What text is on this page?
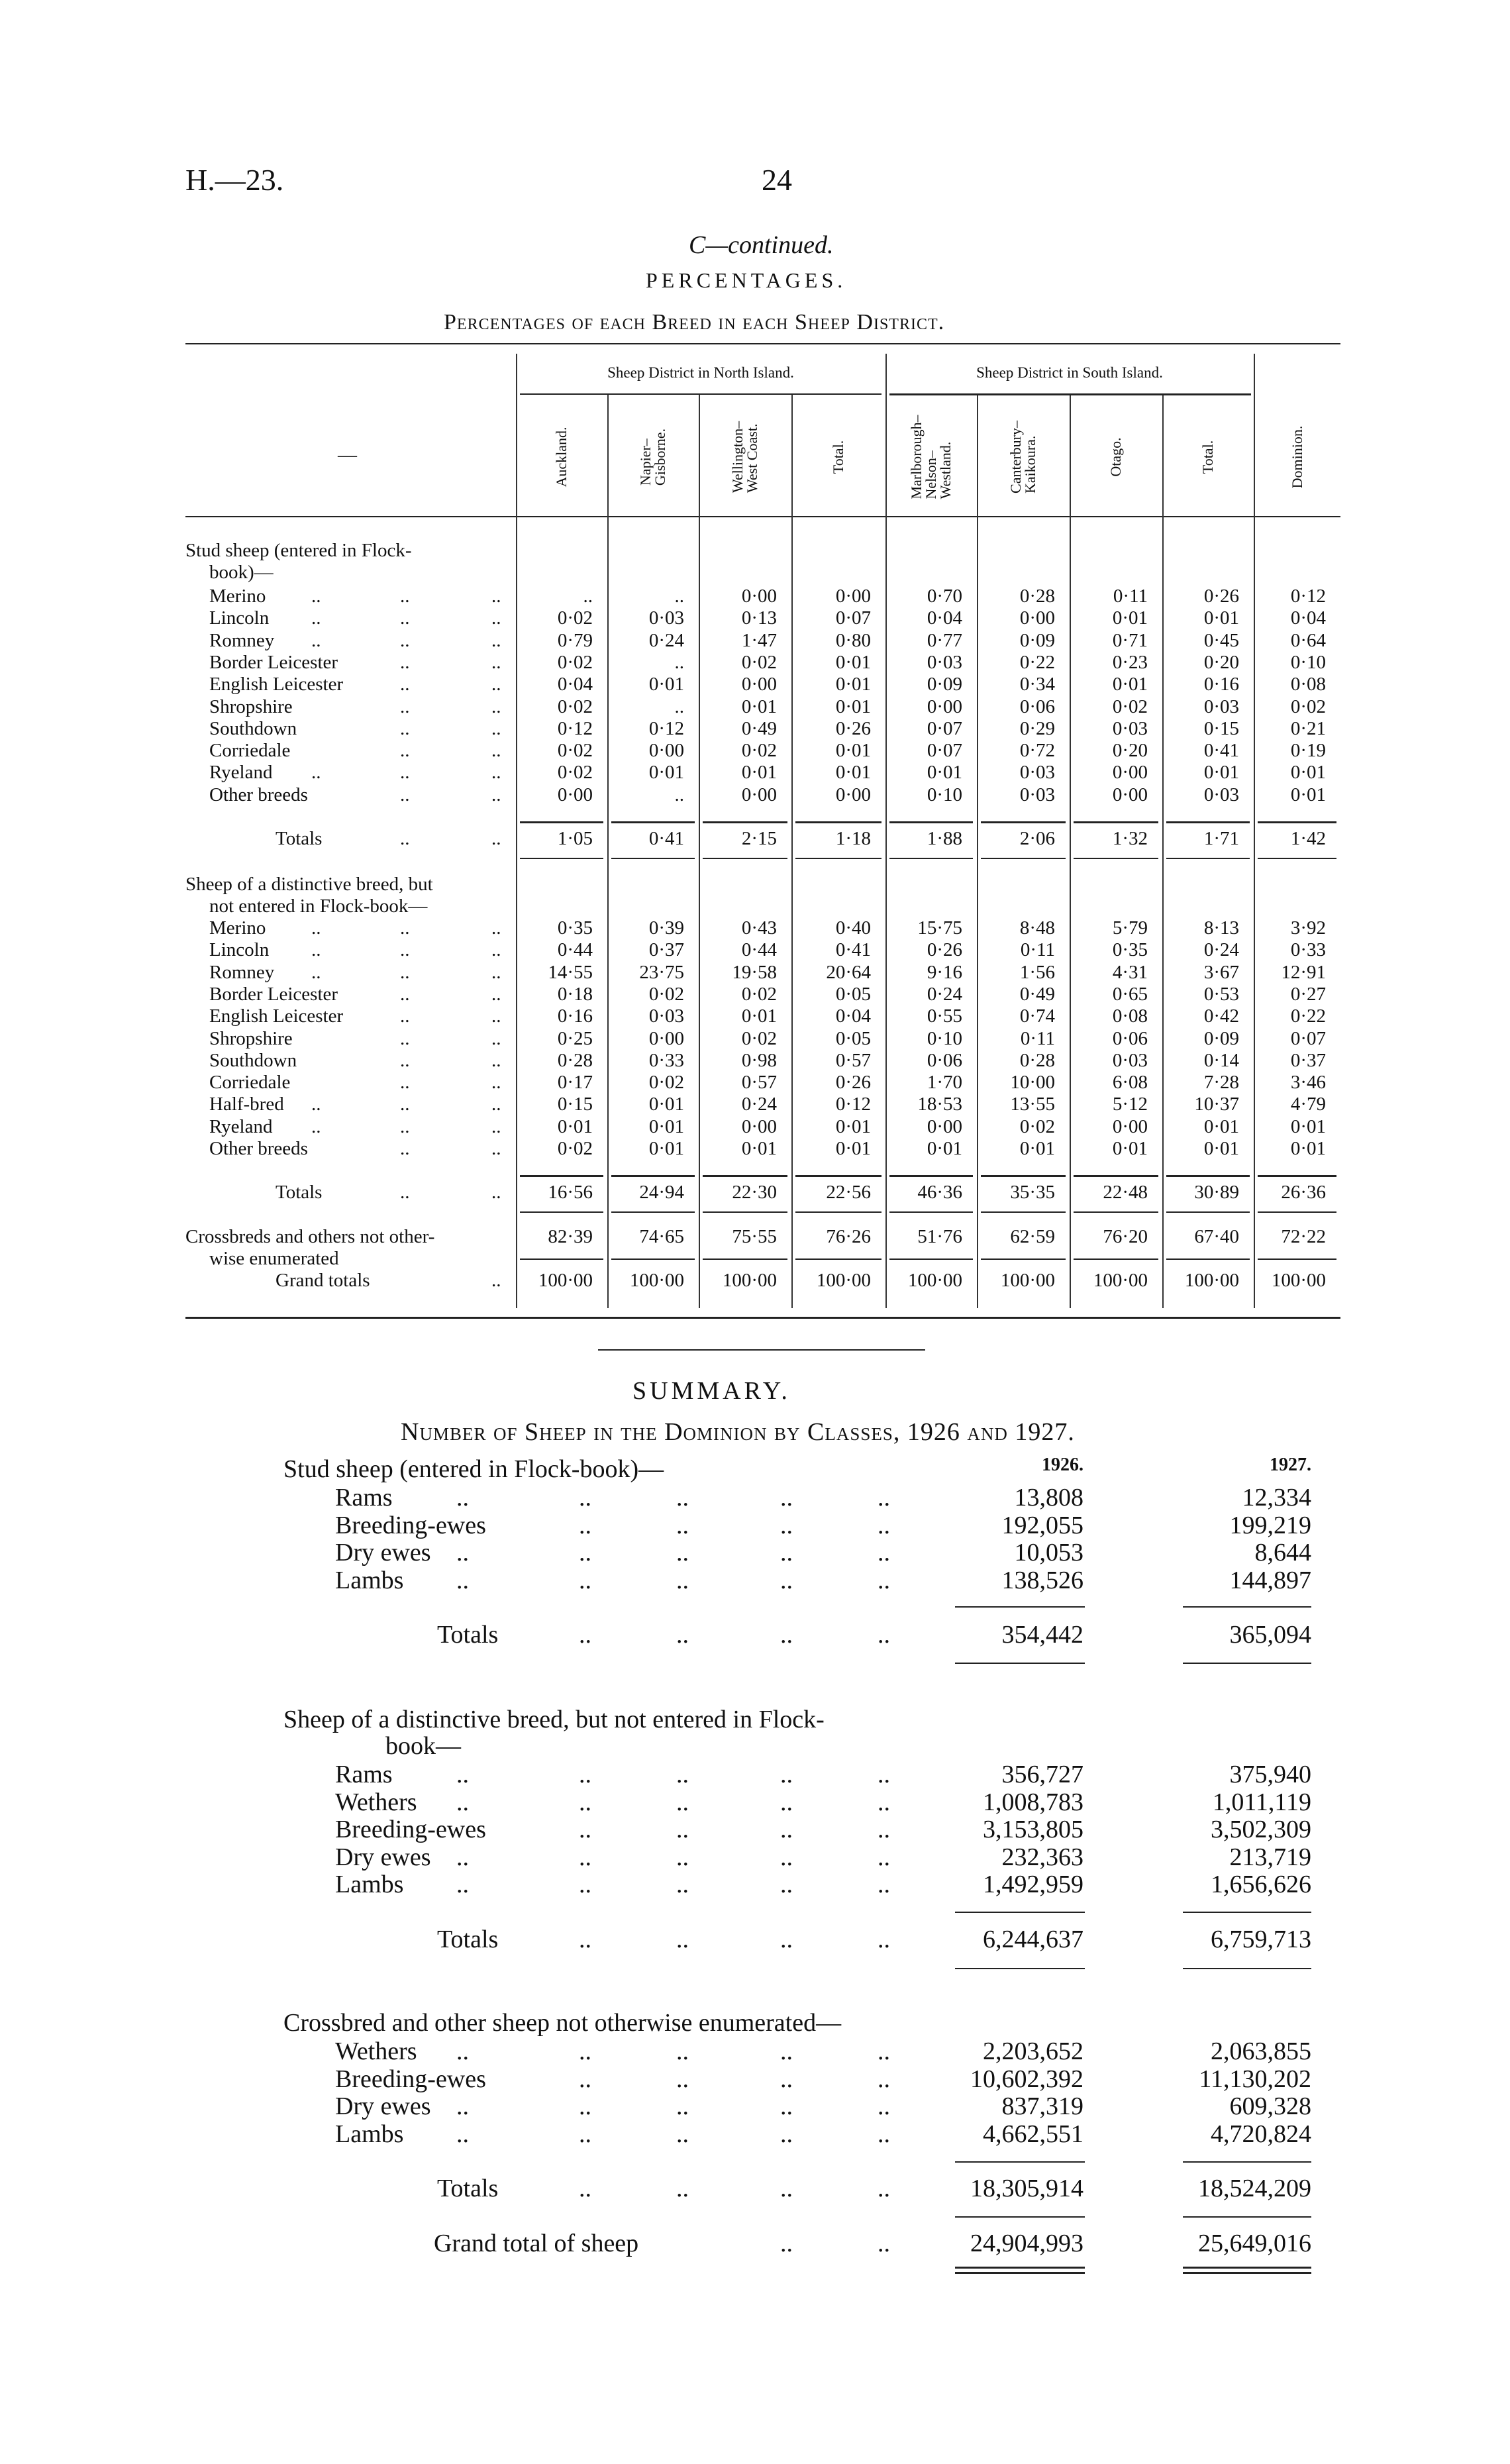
H.—23.	24
C—continued.
PERCENTAGES.
Percentages of each Breed in each Sheep District.
Sheep District in North Island.	Sheep District in South Island.
—	Auckland.	Napier–
Gisborne.	Wellington–
West Coast.	Total.	Marlborough–
Nelson–
Westland.	Canterbury–
Kaikoura.	Otago.	Total.	Dominion.
Stud sheep (entered in Flock-
book)—
Merino ..	..	..	..	..	0·00	0·00	0·70	0·28	0·11	0·26	0·12
Lincoln ..	..	..	0·02	0·03	0·13	0·07	0·04	0·00	0·01	0·01	0·04
Romney ..	..	..	0·79	0·24	1·47	0·80	0·77	0·09	0·71	0·45	0·64
Border Leicester	..	..	0·02	..	0·02	0·01	0·03	0·22	0·23	0·20	0·10
English Leicester	..	..	0·04	0·01	0·00	0·01	0·09	0·34	0·01	0·16	0·08
Shropshire	..	..	0·02	..	0·01	0·01	0·00	0·06	0·02	0·03	0·02
Southdown	..	..	0·12	0·12	0·49	0·26	0·07	0·29	0·03	0·15	0·21
Corriedale	..	..	0·02	0·00	0·02	0·01	0·07	0·72	0·20	0·41	0·19
Ryeland ..	..	..	0·02	0·01	0·01	0·01	0·01	0·03	0·00	0·01	0·01
Other breeds	..	..	0·00	..	0·00	0·00	0·10	0·03	0·00	0·03	0·01
Totals	..	..	1·05	0·41	2·15	1·18	1·88	2·06	1·32	1·71	1·42
Sheep of a distinctive breed, but
not entered in Flock-book—
Merino ..	..	..	0·35	0·39	0·43	0·40	15·75	8·48	5·79	8·13	3·92
Lincoln ..	..	..	0·44	0·37	0·44	0·41	0·26	0·11	0·35	0·24	0·33
Romney ..	..	..	14·55	23·75	19·58	20·64	9·16	1·56	4·31	3·67	12·91
Border Leicester	..	..	0·18	0·02	0·02	0·05	0·24	0·49	0·65	0·53	0·27
English Leicester	..	..	0·16	0·03	0·01	0·04	0·55	0·74	0·08	0·42	0·22
Shropshire	..	..	0·25	0·00	0·02	0·05	0·10	0·11	0·06	0·09	0·07
Southdown	..	..	0·28	0·33	0·98	0·57	0·06	0·28	0·03	0·14	0·37
Corriedale	..	..	0·17	0·02	0·57	0·26	1·70	10·00	6·08	7·28	3·46
Half-bred ..	..	..	0·15	0·01	0·24	0·12	18·53	13·55	5·12	10·37	4·79
Ryeland ..	..	..	0·01	0·01	0·00	0·01	0·00	0·02	0·00	0·01	0·01
Other breeds	..	..	0·02	0·01	0·01	0·01	0·01	0·01	0·01	0·01	0·01
Totals	..	..	16·56	24·94	22·30	22·56	46·36	35·35	22·48	30·89	26·36
Crossbreds and others not other-
wise enumerated
82·39	74·65	75·55	76·26	51·76	62·59	76·20	67·40	72·22
Grand totals	..	100·00	100·00	100·00	100·00	100·00	100·00	100·00	100·00	100·00
SUMMARY.
Number of Sheep in the Dominion by Classes, 1926 and 1927.
1926.	1927.
Stud sheep (entered in Flock-book)—
Rams	..	..	..	..	..	13,808	12,334
Breeding-ewes	..	..	..	..	192,055	199,219
Dry ewes ..	..	..	..	..	10,053	8,644
Lambs ..	..	..	..	..	138,526	144,897
Totals	..	..	..	..	354,442	365,094
Sheep of a distinctive breed, but not entered in Flock-
book—
Rams	..	..	..	..	..	356,727	375,940
Wethers ..	..	..	..	..	1,008,783	1,011,119
Breeding-ewes	..	..	..	..	3,153,805	3,502,309
Dry ewes ..	..	..	..	..	232,363	213,719
Lambs ..	..	..	..	..	1,492,959	1,656,626
Totals	..	..	..	..	6,244,637	6,759,713
Crossbred and other sheep not otherwise enumerated—
Wethers ..	..	..	..	..	2,203,652	2,063,855
Breeding-ewes	..	..	..	..	10,602,392	11,130,202
Dry ewes ..	..	..	..	..	837,319	609,328
Lambs ..	..	..	..	..	4,662,551	4,720,824
Totals	..	..	..	..	18,305,914	18,524,209
Grand total of sheep	..	..	24,904,993	25,649,016
